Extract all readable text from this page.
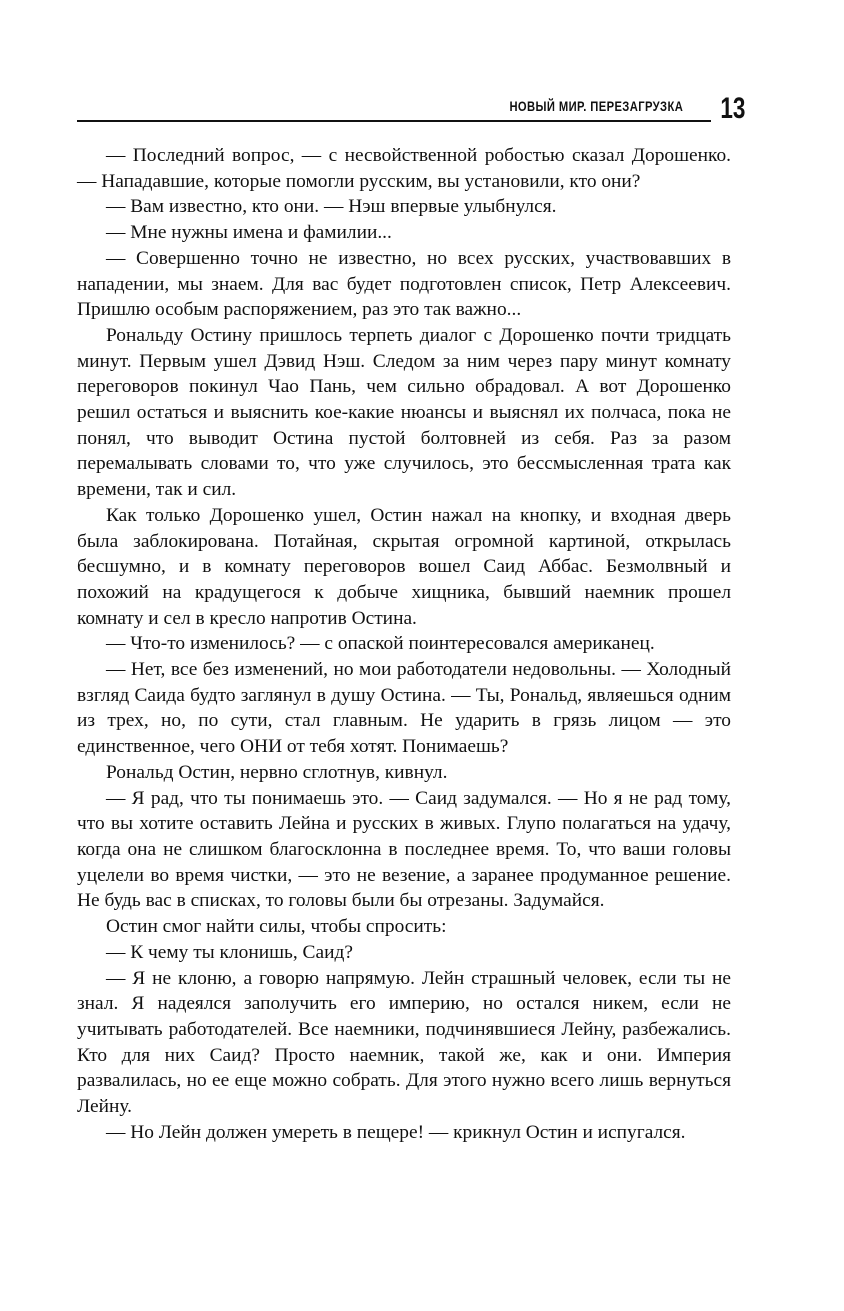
НОВЫЙ МИР. ПЕРЕЗАГРУЗКА 13

— Последний вопрос, — с несвойственной робостью сказал Дорошенко. — Нападавшие, которые помогли русским, вы установили, кто они?

— Вам известно, кто они. — Нэш впервые улыбнулся.

— Мне нужны имена и фамилии...

— Совершенно точно не известно, но всех русских, участвовавших в нападении, мы знаем. Для вас будет подготовлен список, Петр Алексеевич. Пришлю особым распоряжением, раз это так важно...

Рональду Остину пришлось терпеть диалог с Дорошенко почти тридцать минут. Первым ушел Дэвид Нэш. Следом за ним через пару минут комнату переговоров покинул Чао Пань, чем сильно обрадовал. А вот Дорошенко решил остаться и выяснить кое-какие нюансы и выяснял их полчаса, пока не понял, что выводит Остина пустой болтовней из себя. Раз за разом перемалывать словами то, что уже случилось, это бессмысленная трата как времени, так и сил.

Как только Дорошенко ушел, Остин нажал на кнопку, и входная дверь была заблокирована. Потайная, скрытая огромной картиной, открылась бесшумно, и в комнату переговоров вошел Саид Аббас. Безмолвный и похожий на крадущегося к добыче хищника, бывший наемник прошел комнату и сел в кресло напротив Остина.

— Что-то изменилось? — с опаской поинтересовался американец.

— Нет, все без изменений, но мои работодатели недовольны. — Холодный взгляд Саида будто заглянул в душу Остина. — Ты, Рональд, являешься одним из трех, но, по сути, стал главным. Не ударить в грязь лицом — это единственное, чего ОНИ от тебя хотят. Понимаешь?

Рональд Остин, нервно сглотнув, кивнул.

— Я рад, что ты понимаешь это. — Саид задумался. — Но я не рад тому, что вы хотите оставить Лейна и русских в живых. Глупо полагаться на удачу, когда она не слишком благосклонна в последнее время. То, что ваши головы уцелели во время чистки, — это не везение, а заранее продуманное решение. Не будь вас в списках, то головы были бы отрезаны. Задумайся.

Остин смог найти силы, чтобы спросить:

— К чему ты клонишь, Саид?

— Я не клоню, а говорю напрямую. Лейн страшный человек, если ты не знал. Я надеялся заполучить его империю, но остался никем, если не учитывать работодателей. Все наемники, подчинявшиеся Лейну, разбежались. Кто для них Саид? Просто наемник, такой же, как и они. Империя развалилась, но ее еще можно собрать. Для этого нужно всего лишь вернуться Лейну.

— Но Лейн должен умереть в пещере! — крикнул Остин и испугался.
